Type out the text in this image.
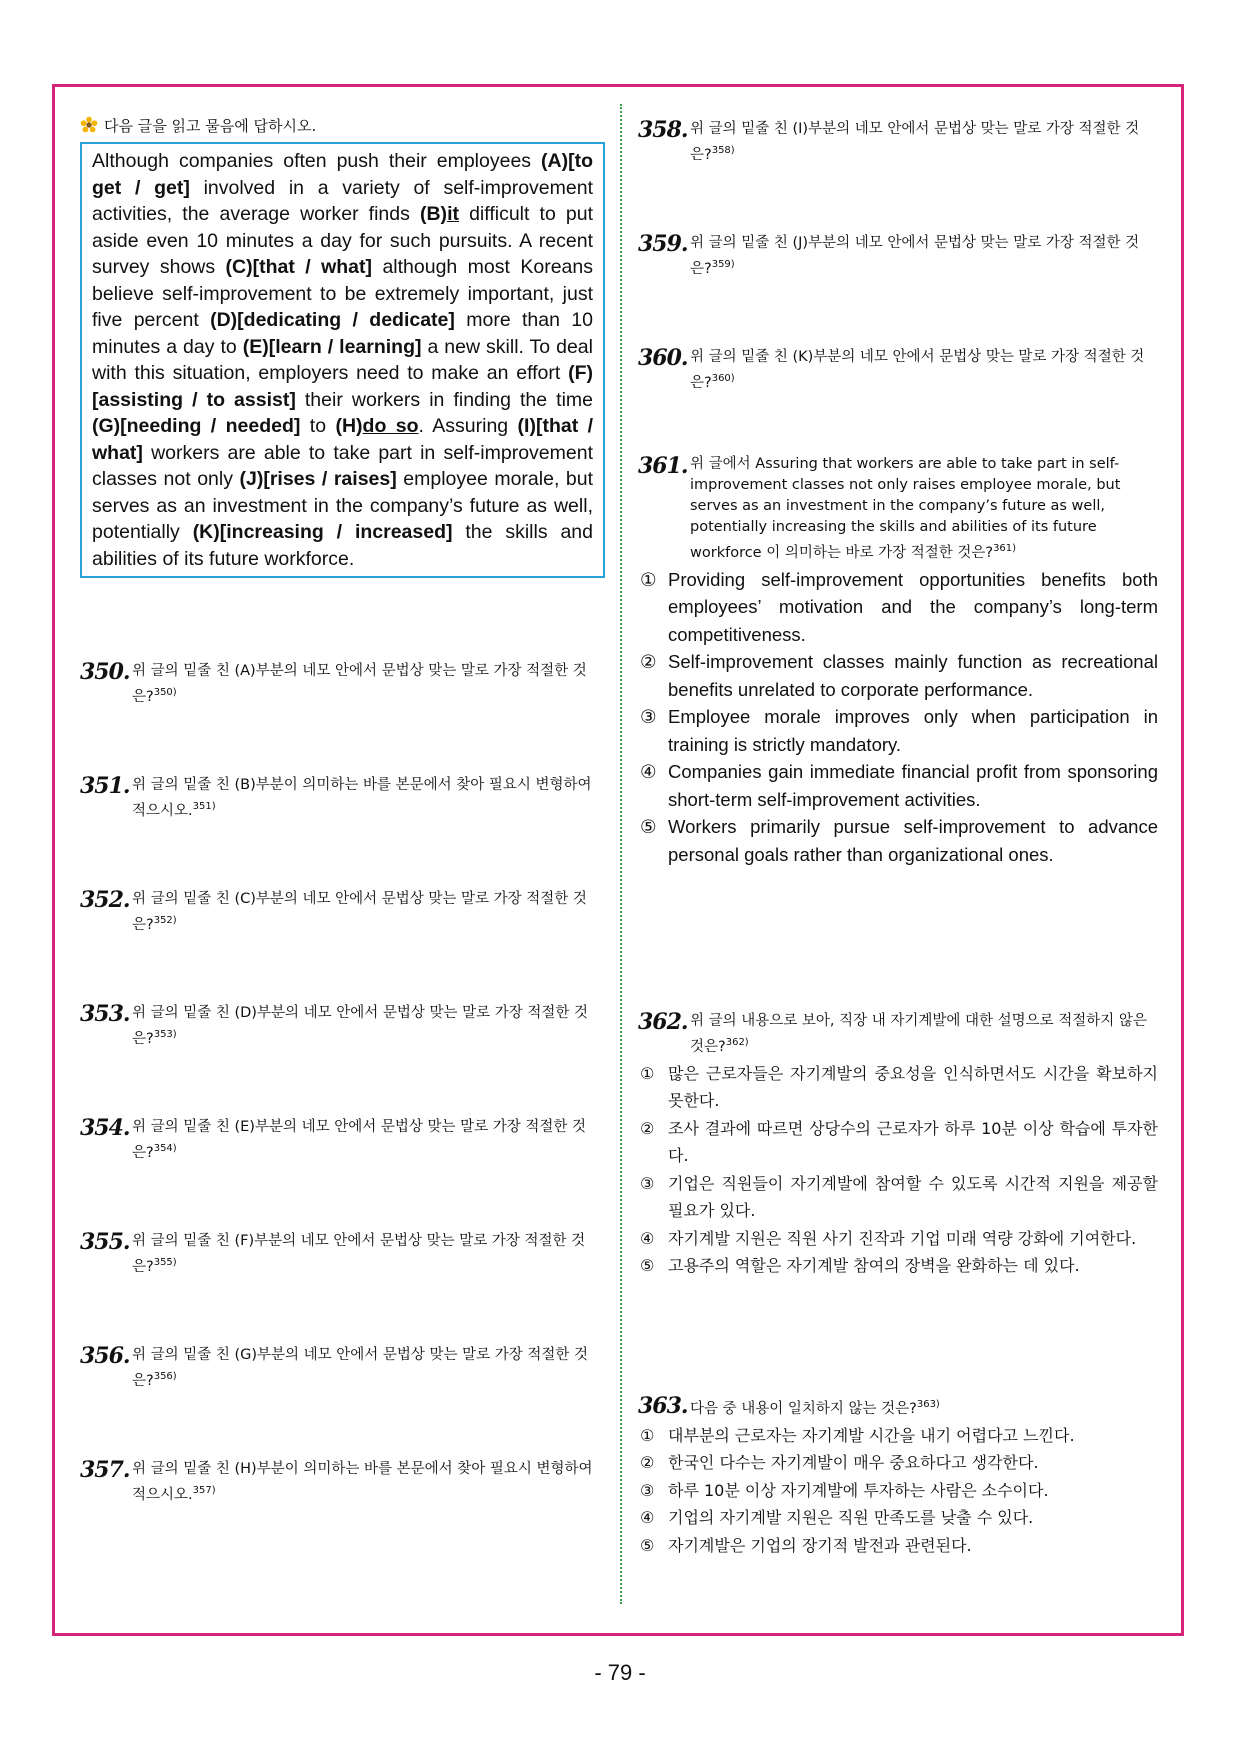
다음 글을 읽고 물음에 답하시오.
Although companies often push their employees (A)[to get / get] involved in a variety of self-improvement activities, the average worker finds (B)it difficult to put aside even 10 minutes a day for such pursuits. A recent survey shows (C)[that / what] although most Koreans believe self-improvement to be extremely important, just five percent (D)[dedicating / dedicate] more than 10 minutes a day to (E)[learn / learning] a new skill. To deal with this situation, employers need to make an effort (F)[assisting / to assist] their workers in finding the time (G)[needing / needed] to (H)do so. Assuring (I)[that / what] workers are able to take part in self-improvement classes not only (J)[rises / raises] employee morale, but serves as an investment in the company’s future as well, potentially (K)[increasing / increased] the skills and abilities of its future workforce.
350. 위 글의 밑줄 친 (A)부분의 네모 안에서 문법상 맞는 말로 가장 적절한 것은?$^{350)}$
351. 위 글의 밑줄 친 (B)부분이 의미하는 바를 본문에서 찾아 필요시 변형하여 적으시오.$^{351)}$
352. 위 글의 밑줄 친 (C)부분의 네모 안에서 문법상 맞는 말로 가장 적절한 것은?$^{352)}$
353. 위 글의 밑줄 친 (D)부분의 네모 안에서 문법상 맞는 말로 가장 적절한 것은?$^{353)}$
354. 위 글의 밑줄 친 (E)부분의 네모 안에서 문법상 맞는 말로 가장 적절한 것은?$^{354)}$
355. 위 글의 밑줄 친 (F)부분의 네모 안에서 문법상 맞는 말로 가장 적절한 것은?$^{355)}$
356. 위 글의 밑줄 친 (G)부분의 네모 안에서 문법상 맞는 말로 가장 적절한 것은?$^{356)}$
357. 위 글의 밑줄 친 (H)부분이 의미하는 바를 본문에서 찾아 필요시 변형하여 적으시오.$^{357)}$
358. 위 글의 밑줄 친 (I)부분의 네모 안에서 문법상 맞는 말로 가장 적절한 것은?$^{358)}$
359. 위 글의 밑줄 친 (J)부분의 네모 안에서 문법상 맞는 말로 가장 적절한 것은?$^{359)}$
360. 위 글의 밑줄 친 (K)부분의 네모 안에서 문법상 맞는 말로 가장 적절한 것은?$^{360)}$
361. 위 글에서 Assuring that workers are able to take part in self-improvement classes not only raises employee morale, but serves as an investment in the company’s future as well, potentially increasing the skills and abilities of its future workforce 이 의미하는 바로 가장 적절한 것은?$^{361)}$
① Providing self-improvement opportunities benefits both employees’ motivation and the company’s long-term competitiveness.
② Self-improvement classes mainly function as recreational benefits unrelated to corporate performance.
③ Employee morale improves only when participation in training is strictly mandatory.
④ Companies gain immediate financial profit from sponsoring short-term self-improvement activities.
⑤ Workers primarily pursue self-improvement to advance personal goals rather than organizational ones.
362. 위 글의 내용으로 보아, 직장 내 자기계발에 대한 설명으로 적절하지 않은 것은?$^{362)}$
① 많은 근로자들은 자기계발의 중요성을 인식하면서도 시간을 확보하지 못한다.
② 조사 결과에 따르면 상당수의 근로자가 하루 10분 이상 학습에 투자한다.
③ 기업은 직원들이 자기계발에 참여할 수 있도록 시간적 지원을 제공할 필요가 있다.
④ 자기계발 지원은 직원 사기 진작과 기업 미래 역량 강화에 기여한다.
⑤ 고용주의 역할은 자기계발 참여의 장벽을 완화하는 데 있다.
363. 다음 중 내용이 일치하지 않는 것은?$^{363)}$
① 대부분의 근로자는 자기계발 시간을 내기 어렵다고 느낀다.
② 한국인 다수는 자기계발이 매우 중요하다고 생각한다.
③ 하루 10분 이상 자기계발에 투자하는 사람은 소수이다.
④ 기업의 자기계발 지원은 직원 만족도를 낮출 수 있다.
⑤ 자기계발은 기업의 장기적 발전과 관련된다.
- 79 -
